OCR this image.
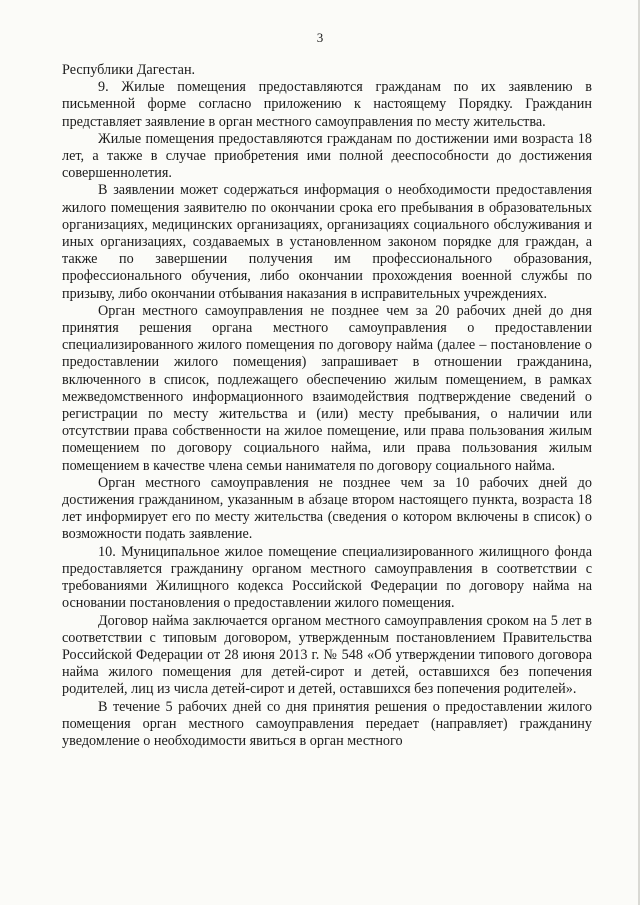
3

Республики Дагестан.

9. Жилые помещения предоставляются гражданам по их заявлению в письменной форме согласно приложению к настоящему Порядку. Гражданин представляет заявление в орган местного самоуправления по месту жительства.

Жилые помещения предоставляются гражданам по достижении ими возраста 18 лет, а также в случае приобретения ими полной дееспособности до достижения совершеннолетия.

В заявлении может содержаться информация о необходимости предоставления жилого помещения заявителю по окончании срока его пребывания в образовательных организациях, медицинских организациях, организациях социального обслуживания и иных организациях, создаваемых в установленном законом порядке для граждан, а также по завершении получения им профессионального образования, профессионального обучения, либо окончании прохождения военной службы по призыву, либо окончании отбывания наказания в исправительных учреждениях.

Орган местного самоуправления не позднее чем за 20 рабочих дней до дня принятия решения органа местного самоуправления о предоставлении специализированного жилого помещения по договору найма (далее – постановление о предоставлении жилого помещения) запрашивает в отношении гражданина, включенного в список, подлежащего обеспечению жилым помещением, в рамках межведомственного информационного взаимодействия подтверждение сведений о регистрации по месту жительства и (или) месту пребывания, о наличии или отсутствии права собственности на жилое помещение, или права пользования жилым помещением по договору социального найма, или права пользования жилым помещением в качестве члена семьи нанимателя по договору социального найма.

Орган местного самоуправления не позднее чем за 10 рабочих дней до достижения гражданином, указанным в абзаце втором настоящего пункта, возраста 18 лет информирует его по месту жительства (сведения о котором включены в список) о возможности подать заявление.

10. Муниципальное жилое помещение специализированного жилищного фонда предоставляется гражданину органом местного самоуправления в соответствии с требованиями Жилищного кодекса Российской Федерации по договору найма на основании постановления о предоставлении жилого помещения.

Договор найма заключается органом местного самоуправления сроком на 5 лет в соответствии с типовым договором, утвержденным постановлением Правительства Российской Федерации от 28 июня 2013 г. № 548 «Об утверждении типового договора найма жилого помещения для детей-сирот и детей, оставшихся без попечения родителей, лиц из числа детей-сирот и детей, оставшихся без попечения родителей».

В течение 5 рабочих дней со дня принятия решения о предоставлении жилого помещения орган местного самоуправления передает (направляет) гражданину уведомление о необходимости явиться в орган местного
